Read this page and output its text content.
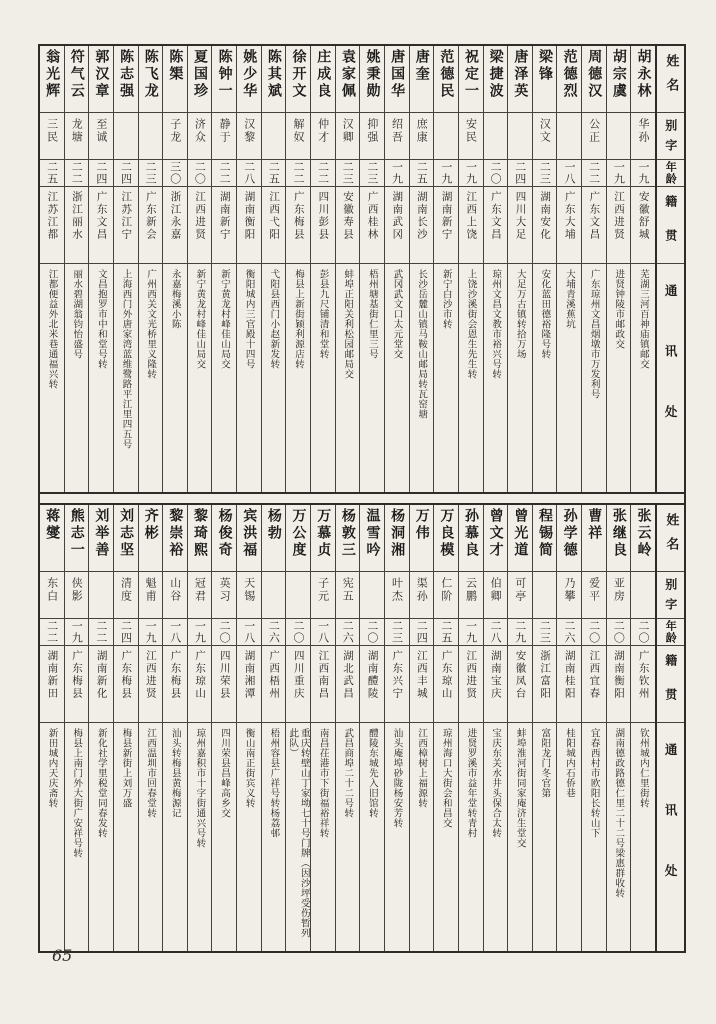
姓名
别字
年龄
籍贯
通讯处
胡永林
华孙
一九
安徽舒城
芜湖三河百神庙镇邮交
胡宗虞
一九
江西进贤
进贤钟陵市邮政交
周德汉
公正
二二
广东文昌
广东琼州文昌烟墩市万发利号
范德烈
一八
广东大埔
大埔青溪蕉坑
梁锋
汉文
二三
湖南安化
安化蓝田德裕隆号转
唐泽英
二四
四川大足
大足万古镇转拾万场
梁捷波
二〇
广东文昌
琼州文昌文教市裕兴号转
祝定一
安民
一九
江西上饶
上饶沙溪街会恩生先生转
范德民
一九
湖南新宁
新宁白沙市转
唐奎
庶康
二五
湖南长沙
长沙岳麓山镇马鞍山邮局转瓦窑塘
唐国华
绍吾
一九
湖南武冈
武冈武文口太元堂交
姚秉勋
抑强
二三
广西桂林
梧州塘基街仁里三号
袁家佩
汉卿
二三
安徽寿县
蚌埠正阳关利松园邮局交
庄成良
仲才
二二
四川彭县
彭县九尺铺清和堂转
徐开文
解奴
二二
广东梅县
梅县上新街颖利源店转
陈其斌
二五
江西弋阳
弋阳县西门小赵新发转
姚少华
汉黎
二八
湖南衡阳
衡阳城内三官殿十四号
陈钟一
静于
二二
湖南新宁
新宁黄龙村峰佳山局交
夏国珍
济众
二〇
江西进贤
新宁黄龙村峰佳山局交
陈榘
子龙
三〇
浙江永嘉
永嘉梅溪小陈
陈飞龙
二三
广东新会
广州西关文光桥里义隆转
陈志强
二四
江苏江宁
上海西门外唐家湾蓝维鹭路平江里四五号
郭汉章
至诚
二四
广东文昌
文昌抱罗市中和堂号转
符气云
龙塘
二二
浙江丽水
丽水碧湖翁钧怡盛号
翁光辉
三民
二五
江苏江都
江都便益外北米巷通福兴转
姓名
别字
年龄
籍贯
通讯处
张云岭
二〇
广东钦州
钦州城内仁里街转
张继良
亚房
二〇
湖南衡阳
湖南德政路德仁里二十二号梁惠群收转
曹祥
爱平
二〇
江西宜春
宜春西村市欧阳长转山下
孙学德
乃攀
二六
湖南桂阳
桂阳城内石侨巷
程锡简
二三
浙江富阳
富阳龙门冬官第
曾光道
可亭
二九
安徽凤台
蚌埠淮河街同家庵济生堂交
曾文才
伯卿
二八
湖南宝庆
宝庆东关水井头保合太转
孙慕良
云鹏
一九
江西进贤
进贤罗溪市益年堂转青村
万良模
仁阶
二五
广东琼山
琼州海口大街会和昌交
万伟
渠孙
二四
江西丰城
江西樟树上福源转
杨洞湘
叶杰
二三
广东兴宁
汕头庵埠砂陇杨安芳转
温雪吟
二〇
湖南醴陵
醴陵东城先入旧馆转
杨敦三
宪五
二六
湖北武昌
武昌商埠二十二号转
万慕贞
子元
一八
江西南昌
南昌茌港市下街福裕祥转
万公度
二〇
四川重庆
重庆转壁山丁家坳七十号门牌（因沙坪受伤暂列此队）
杨勃
二六
广西梧州
梧州容县广祥号转杨荔邨
宾洪福
天锡
一八
湖南湘潭
衡山南正街宾义转
杨俊奇
英习
二〇
四川荣县
四川荣县昌峰高乡交
黎琦熙
冠君
一九
广东琼山
琼州嘉积市十字街通兴号转
黎崇裕
山谷
一八
广东梅县
汕头转梅县黄梅源记
齐彬
魁甫
一九
江西进贤
江西温圳市回春堂转
刘志坚
清度
二四
广东梅县
梅县新街上刘万盛
刘举善
二二
湖南新化
新化社学里税堂同春发转
熊志一
侠影
一九
广东梅县
梅县上南门外大街广安祥号转
蒋燮
东白
二二
湖南新田
新田城内天庆斋转
65
